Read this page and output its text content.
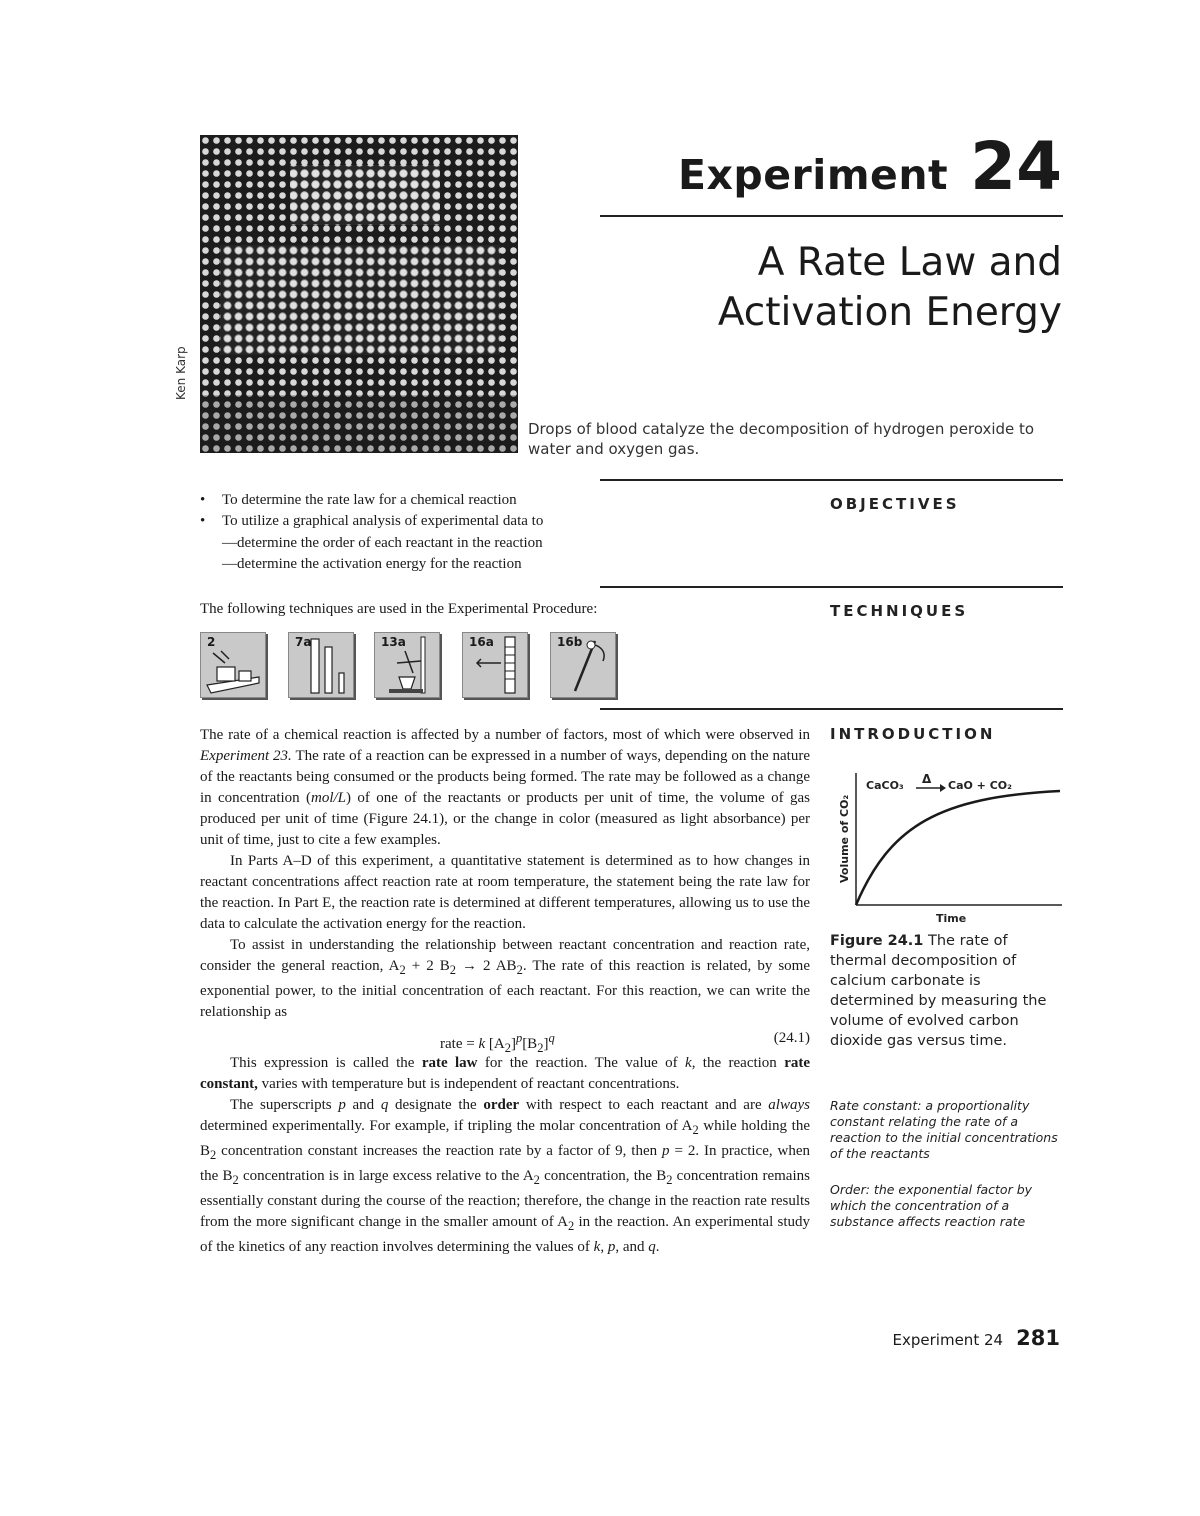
Ken Karp
Experiment 24
A Rate Law and
Activation Energy
Drops of blood catalyze the decomposition of hydrogen peroxide to water and oxygen gas.
OBJECTIVES
• To determine the rate law for a chemical reaction
• To utilize a graphical analysis of experimental data to
—determine the order of each reactant in the reaction
—determine the activation energy for the reaction
TECHNIQUES
The following techniques are used in the Experimental Procedure:
2	7a	13a	16a	16b
INTRODUCTION

The rate of a chemical reaction is affected by a number of factors, most of which were observed in Experiment 23. The rate of a reaction can be expressed in a number of ways, depending on the nature of the reactants being consumed or the products being formed. The rate may be followed as a change in concentration (mol/L) of one of the reactants or products per unit of time, the volume of gas produced per unit of time (Figure 24.1), or the change in color (measured as light absorbance) per unit of time, just to cite a few examples.

In Parts A–D of this experiment, a quantitative statement is determined as to how changes in reactant concentrations affect reaction rate at room temperature, the statement being the rate law for the reaction. In Part E, the reaction rate is determined at different temperatures, allowing us to use the data to calculate the activation energy for the reaction.

To assist in understanding the relationship between reactant concentration and reaction rate, consider the general reaction, $A_2 + 2$ $B_2 \to 2$ $AB_2$. The rate of this reaction is related, by some exponential power, to the initial concentration of each reactant. For this reaction, we can write the relationship as

rate = k $[A_2]^p[B_2]^q$	(24.1)

This expression is called the rate law for the reaction. The value of k, the reaction rate constant, varies with temperature but is independent of reactant concentrations.

The superscripts p and q designate the order with respect to each reactant and are always determined experimentally. For example, if tripling the molar concentration of $A_2$ while holding the $B_2$ concentration constant increases the reaction rate by a factor of 9, then p = 2. In practice, when the $B_2$ concentration is in large excess relative to the $A_2$ concentration, the $B_2$ concentration remains essentially constant during the course of the reaction; therefore, the change in the reaction rate results from the more significant change in the smaller amount of $A_2$ in the reaction. An experimental study of the kinetics of any reaction involves determining the values of k, p, and q.

CaCO₃ Δ CaO + CO₂
Volume of CO₂
Time
Figure 24.1 The rate of thermal decomposition of calcium carbonate is determined by measuring the volume of evolved carbon dioxide gas versus time.
Rate constant: a proportionality constant relating the rate of a reaction to the initial concentrations of the reactants
Order: the exponential factor by which the concentration of a substance affects reaction rate
Experiment 24 281
